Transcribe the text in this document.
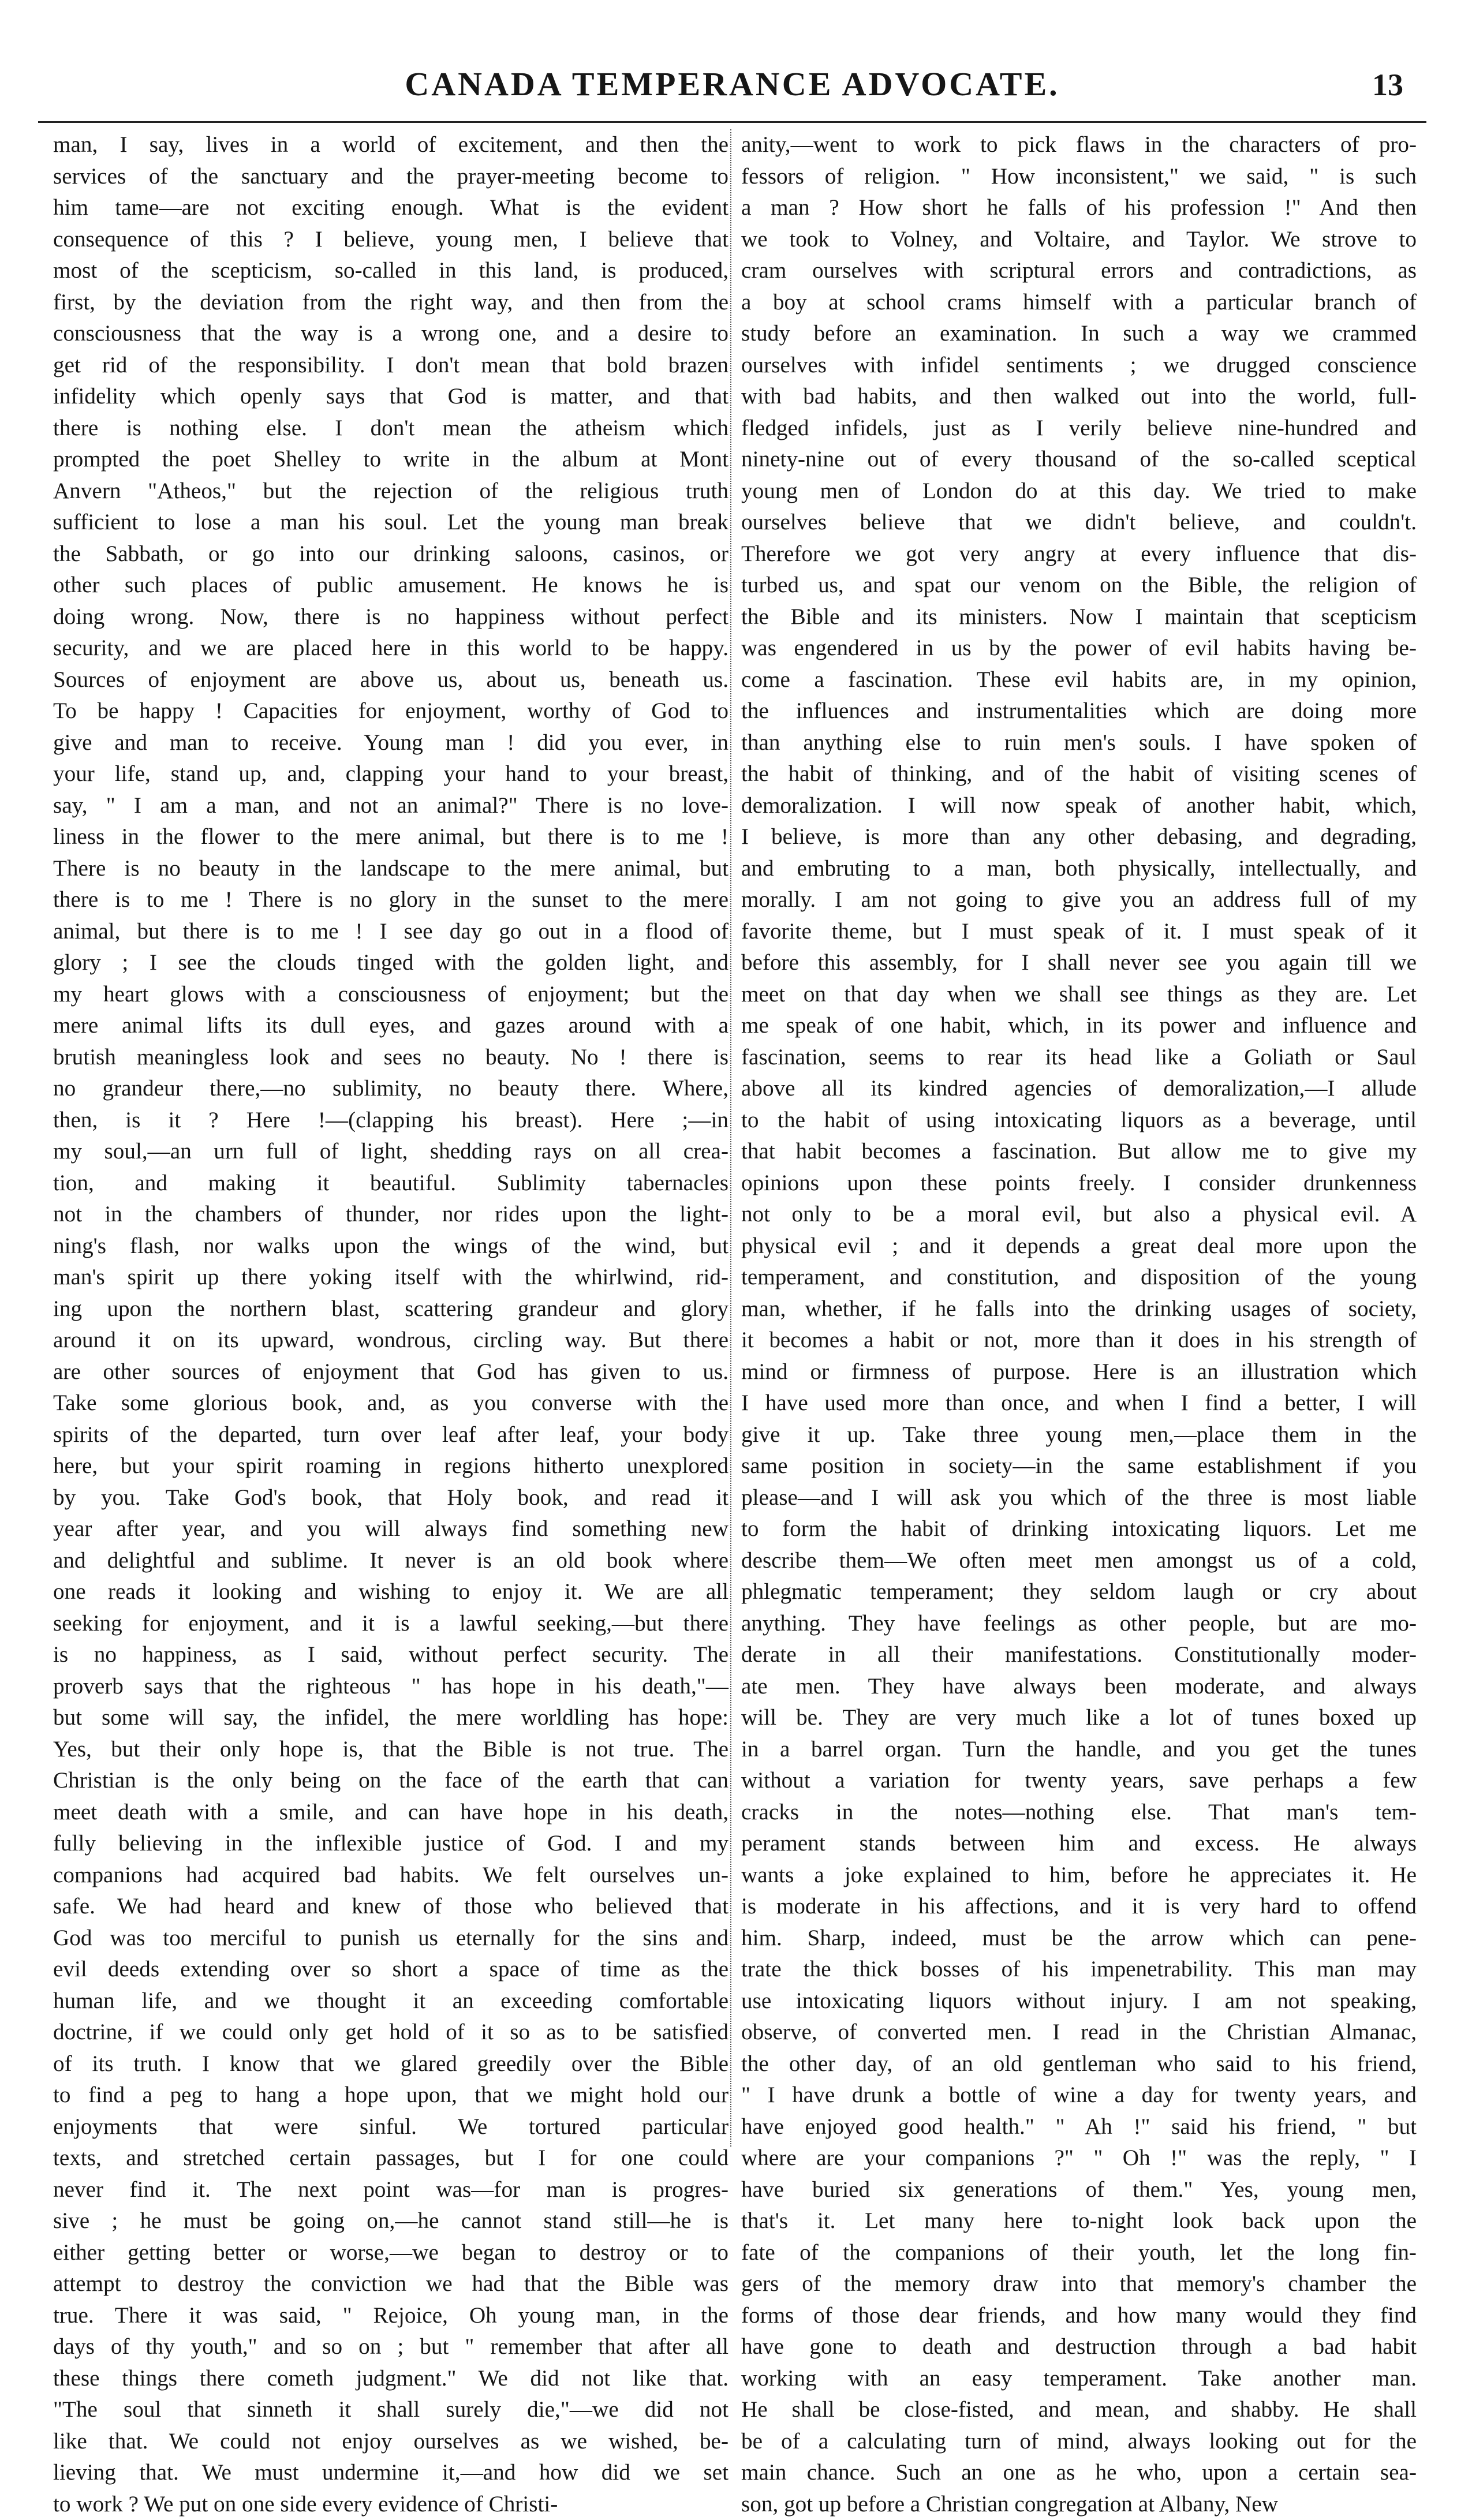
CANADA TEMPERANCE ADVOCATE.	13
man, I say, lives in a world of excitement, and then the
services of the sanctuary and the prayer-meeting become to
him tame—are not exciting enough. What is the evident
consequence of this ? I believe, young men, I believe that
most of the scepticism, so-called in this land, is produced,
first, by the deviation from the right way, and then from the
consciousness that the way is a wrong one, and a desire to
get rid of the responsibility. I don't mean that bold brazen
infidelity which openly says that God is matter, and that
there is nothing else. I don't mean the atheism which
prompted the poet Shelley to write in the album at Mont
Anvern "Atheos," but the rejection of the religious truth
sufficient to lose a man his soul. Let the young man break
the Sabbath, or go into our drinking saloons, casinos, or
other such places of public amusement. He knows he is
doing wrong. Now, there is no happiness without perfect
security, and we are placed here in this world to be happy.
Sources of enjoyment are above us, about us, beneath us.
To be happy ! Capacities for enjoyment, worthy of God to
give and man to receive. Young man ! did you ever, in
your life, stand up, and, clapping your hand to your breast,
say, " I am a man, and not an animal?" There is no love-
liness in the flower to the mere animal, but there is to me !
There is no beauty in the landscape to the mere animal, but
there is to me ! There is no glory in the sunset to the mere
animal, but there is to me ! I see day go out in a flood of
glory ; I see the clouds tinged with the golden light, and
my heart glows with a consciousness of enjoyment; but the
mere animal lifts its dull eyes, and gazes around with a
brutish meaningless look and sees no beauty. No ! there is
no grandeur there,—no sublimity, no beauty there. Where,
then, is it ? Here !—(clapping his breast). Here ;—in
my soul,—an urn full of light, shedding rays on all crea-
tion, and making it beautiful. Sublimity tabernacles
not in the chambers of thunder, nor rides upon the light-
ning's flash, nor walks upon the wings of the wind, but
man's spirit up there yoking itself with the whirlwind, rid-
ing upon the northern blast, scattering grandeur and glory
around it on its upward, wondrous, circling way. But there
are other sources of enjoyment that God has given to us.
Take some glorious book, and, as you converse with the
spirits of the departed, turn over leaf after leaf, your body
here, but your spirit roaming in regions hitherto unexplored
by you. Take God's book, that Holy book, and read it
year after year, and you will always find something new
and delightful and sublime. It never is an old book where
one reads it looking and wishing to enjoy it. We are all
seeking for enjoyment, and it is a lawful seeking,—but there
is no happiness, as I said, without perfect security. The
proverb says that the righteous " has hope in his death,"—
but some will say, the infidel, the mere worldling has hope:
Yes, but their only hope is, that the Bible is not true. The
Christian is the only being on the face of the earth that can
meet death with a smile, and can have hope in his death,
fully believing in the inflexible justice of God. I and my
companions had acquired bad habits. We felt ourselves un-
safe. We had heard and knew of those who believed that
God was too merciful to punish us eternally for the sins and
evil deeds extending over so short a space of time as the
human life, and we thought it an exceeding comfortable
doctrine, if we could only get hold of it so as to be satisfied
of its truth. I know that we glared greedily over the Bible
to find a peg to hang a hope upon, that we might hold our
enjoyments that were sinful. We tortured particular
texts, and stretched certain passages, but I for one could
never find it. The next point was—for man is progres-
sive ; he must be going on,—he cannot stand still—he is
either getting better or worse,—we began to destroy or to
attempt to destroy the conviction we had that the Bible was
true. There it was said, " Rejoice, Oh young man, in the
days of thy youth," and so on ; but " remember that after all
these things there cometh judgment." We did not like that.
"The soul that sinneth it shall surely die,"—we did not
like that. We could not enjoy ourselves as we wished, be-
lieving that. We must undermine it,—and how did we set
to work ? We put on one side every evidence of Christi-
anity,—went to work to pick flaws in the characters of pro-
fessors of religion. " How inconsistent," we said, " is such
a man ? How short he falls of his profession !" And then
we took to Volney, and Voltaire, and Taylor. We strove to
cram ourselves with scriptural errors and contradictions, as
a boy at school crams himself with a particular branch of
study before an examination. In such a way we crammed
ourselves with infidel sentiments ; we drugged conscience
with bad habits, and then walked out into the world, full-
fledged infidels, just as I verily believe nine-hundred and
ninety-nine out of every thousand of the so-called sceptical
young men of London do at this day. We tried to make
ourselves believe that we didn't believe, and couldn't.
Therefore we got very angry at every influence that dis-
turbed us, and spat our venom on the Bible, the religion of
the Bible and its ministers. Now I maintain that scepticism
was engendered in us by the power of evil habits having be-
come a fascination. These evil habits are, in my opinion,
the influences and instrumentalities which are doing more
than anything else to ruin men's souls. I have spoken of
the habit of thinking, and of the habit of visiting scenes of
demoralization. I will now speak of another habit, which,
I believe, is more than any other debasing, and degrading,
and embruting to a man, both physically, intellectually, and
morally. I am not going to give you an address full of my
favorite theme, but I must speak of it. I must speak of it
before this assembly, for I shall never see you again till we
meet on that day when we shall see things as they are. Let
me speak of one habit, which, in its power and influence and
fascination, seems to rear its head like a Goliath or Saul
above all its kindred agencies of demoralization,—I allude
to the habit of using intoxicating liquors as a beverage, until
that habit becomes a fascination. But allow me to give my
opinions upon these points freely. I consider drunkenness
not only to be a moral evil, but also a physical evil. A
physical evil ; and it depends a great deal more upon the
temperament, and constitution, and disposition of the young
man, whether, if he falls into the drinking usages of society,
it becomes a habit or not, more than it does in his strength of
mind or firmness of purpose. Here is an illustration which
I have used more than once, and when I find a better, I will
give it up. Take three young men,—place them in the
same position in society—in the same establishment if you
please—and I will ask you which of the three is most liable
to form the habit of drinking intoxicating liquors. Let me
describe them—We often meet men amongst us of a cold,
phlegmatic temperament; they seldom laugh or cry about
anything. They have feelings as other people, but are mo-
derate in all their manifestations. Constitutionally moder-
ate men. They have always been moderate, and always
will be. They are very much like a lot of tunes boxed up
in a barrel organ. Turn the handle, and you get the tunes
without a variation for twenty years, save perhaps a few
cracks in the notes—nothing else. That man's tem-
perament stands between him and excess. He always
wants a joke explained to him, before he appreciates it. He
is moderate in his affections, and it is very hard to offend
him. Sharp, indeed, must be the arrow which can pene-
trate the thick bosses of his impenetrability. This man may
use intoxicating liquors without injury. I am not speaking,
observe, of converted men. I read in the Christian Almanac,
the other day, of an old gentleman who said to his friend,
" I have drunk a bottle of wine a day for twenty years, and
have enjoyed good health." " Ah !" said his friend, " but
where are your companions ?" " Oh !" was the reply, " I
have buried six generations of them." Yes, young men,
that's it. Let many here to-night look back upon the
fate of the companions of their youth, let the long fin-
gers of the memory draw into that memory's chamber the
forms of those dear friends, and how many would they find
have gone to death and destruction through a bad habit
working with an easy temperament. Take another man.
He shall be close-fisted, and mean, and shabby. He shall
be of a calculating turn of mind, always looking out for the
main chance. Such an one as he who, upon a certain sea-
son, got up before a Christian congregation at Albany, New
